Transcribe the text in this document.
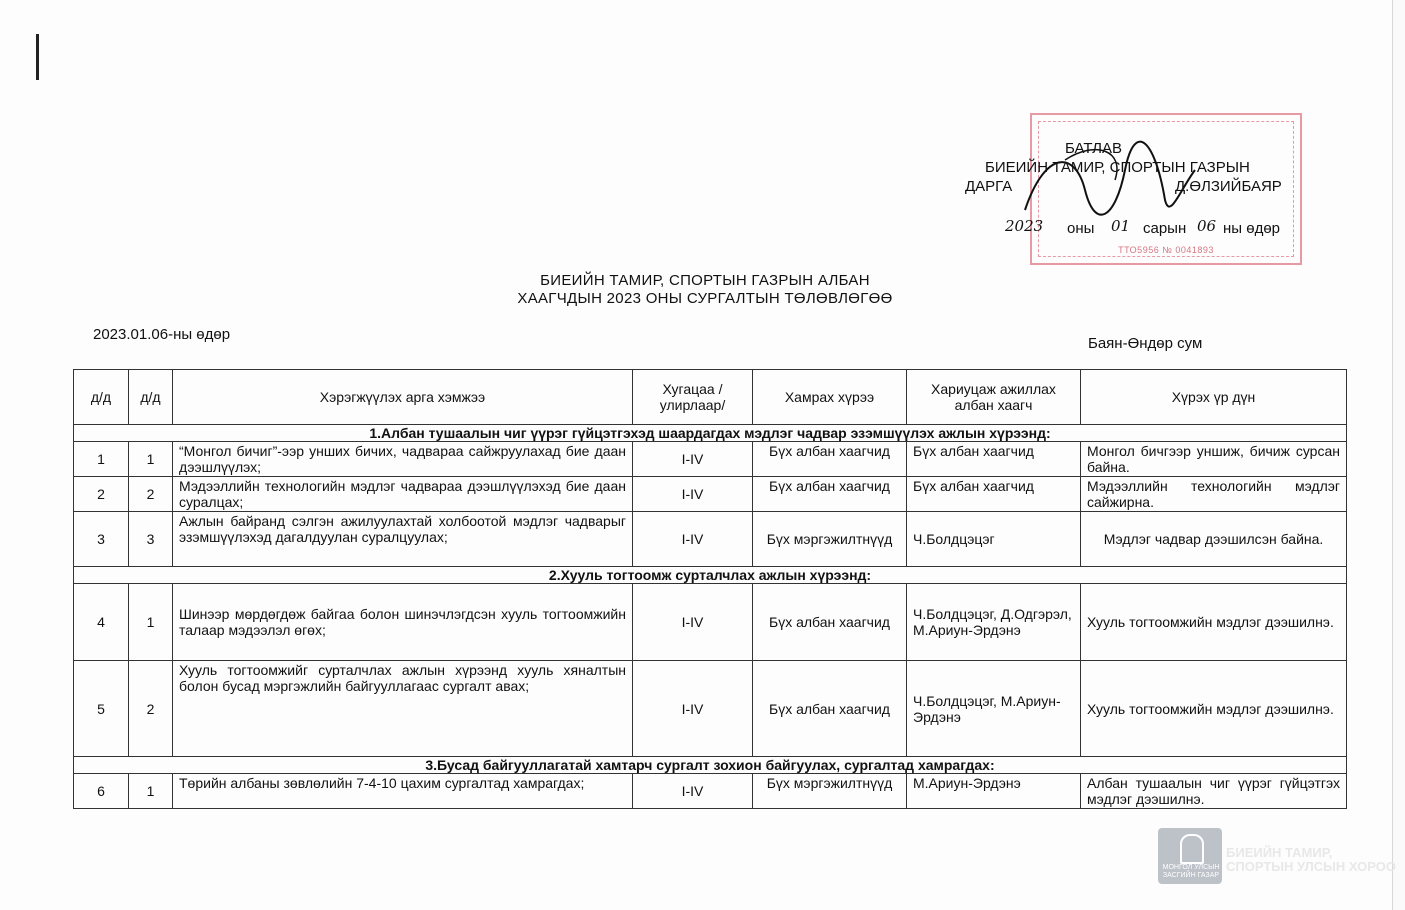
ТТО5956 № 0041893
БАТЛАВ
БИЕИЙН ТАМИР, СПОРТЫН ГАЗРЫН
ДАРГА	Д.ӨЛЗИЙБАЯР
2023 оны 01 сарын 06 ны өдөр
БИЕИЙН ТАМИР, СПОРТЫН ГАЗРЫН АЛБАН
ХААГЧДЫН 2023 ОНЫ СУРГАЛТЫН ТӨЛӨВЛӨГӨӨ
2023.01.06-ны өдөр
Баян-Өндөр сум
д/д	д/д	Хэрэгжүүлэх арга хэмжээ	Хугацаа /улирлаар/	Хамрах хүрээ	Хариуцаж ажиллах албан хаагч	Хүрэх үр дүн
1.Албан тушаалын чиг үүрэг гүйцэтгэхэд шаардагдах мэдлэг чадвар эзэмшүүлэх ажлын хүрээнд:						
1	1	“Монгол бичиг”-ээр унших бичих, чадвараа сайжруулахад бие даан дээшлүүлэх;	I-IV	Бүх албан хаагчид	Бүх албан хаагчид	Монгол бичгээр уншиж, бичиж сурсан байна.
2	2	Мэдээллийн технологийн мэдлэг чадвараа дээшлүүлэхэд бие даан суралцах;	I-IV	Бүх албан хаагчид	Бүх албан хаагчид	Мэдээллийн технологийн мэдлэг сайжирна.
3	3	Ажлын байранд сэлгэн ажилуулахтай холбоотой мэдлэг чадварыг эзэмшүүлэхэд дагалдуулан суралцуулах;	I-IV	Бүх мэргэжилтнүүд	Ч.Болдцэцэг	Мэдлэг чадвар дээшилсэн байна.
2.Хууль тогтоомж сурталчлах ажлын хүрээнд:						
4	1	Шинээр мөрдөгдөж байгаа болон шинэчлэгдсэн хууль тогтоомжийн талаар мэдээлэл өгөх;	I-IV	Бүх албан хаагчид	Ч.Болдцэцэг, Д.Одгэрэл, М.Ариун-Эрдэнэ	Хууль тогтоомжийн мэдлэг дээшилнэ.
5	2	Хууль тогтоомжийг сурталчлах ажлын хүрээнд хууль хяналтын болон бусад мэргэжлийн байгууллагаас сургалт авах;	I-IV	Бүх албан хаагчид	Ч.Болдцэцэг, М.Ариун-Эрдэнэ	Хууль тогтоомжийн мэдлэг дээшилнэ.
3.Бусад байгууллагатай хамтарч сургалт зохион байгуулах, сургалтад хамрагдах:						
6	1	Төрийн албаны зөвлөлийн 7-4-10 цахим сургалтад хамрагдах;	I-IV	Бүх мэргэжилтнүүд	М.Ариун-Эрдэнэ	Албан тушаалын чиг үүрэг гүйцэтгэх мэдлэг дээшилнэ.
МОНГОЛ УЛСЫН ЗАСГИЙН ГАЗАР
БИЕИЙН ТАМИР, СПОРТЫН УЛСЫН ХОРОО
